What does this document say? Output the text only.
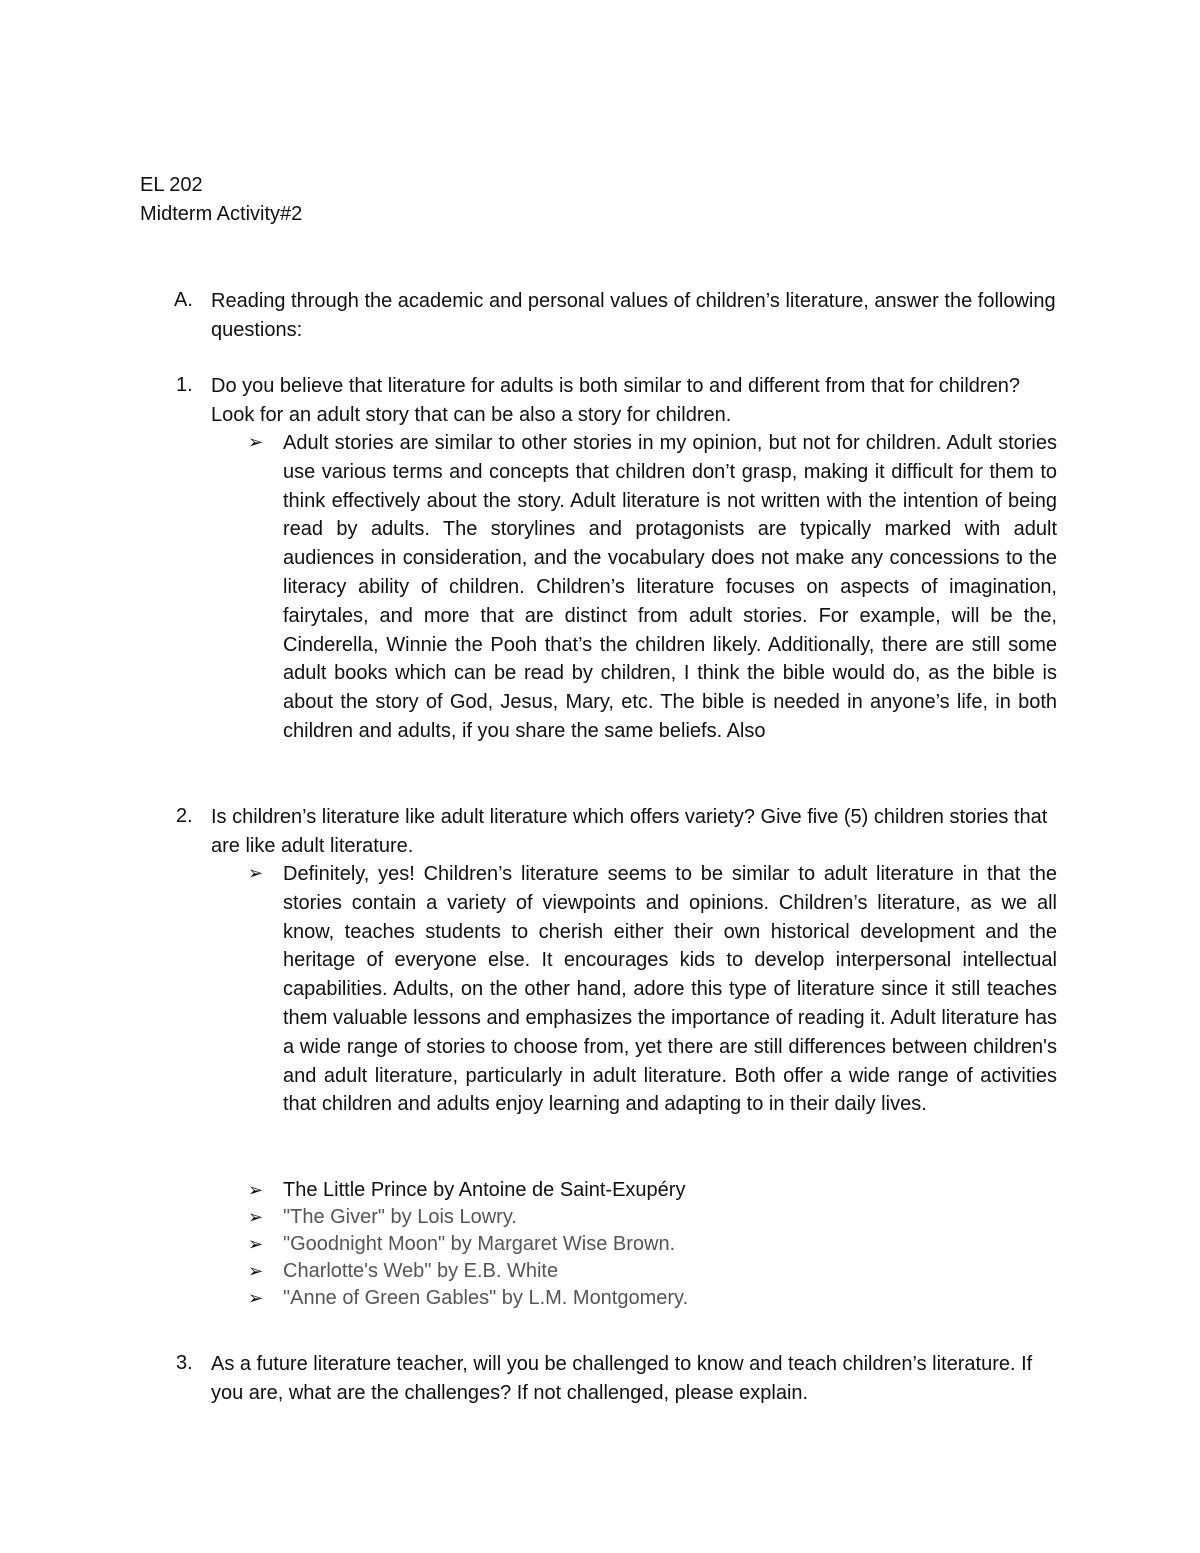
EL 202
Midterm Activity#2
A. Reading through the academic and personal values of children’s literature, answer the following questions:
1. Do you believe that literature for adults is both similar to and different from that for children? Look for an adult story that can be also a story for children.
➢ Adult stories are similar to other stories in my opinion, but not for children. Adult stories use various terms and concepts that children don’t grasp, making it difficult for them to think effectively about the story. Adult literature is not written with the intention of being read by adults. The storylines and protagonists are typically marked with adult audiences in consideration, and the vocabulary does not make any concessions to the literacy ability of children. Children’s literature focuses on aspects of imagination, fairytales, and more that are distinct from adult stories. For example, will be the, Cinderella, Winnie the Pooh that’s the children likely. Additionally, there are still some adult books which can be read by children, I think the bible would do, as the bible is about the story of God, Jesus, Mary, etc. The bible is needed in anyone’s life, in both children and adults, if you share the same beliefs. Also
2. Is children’s literature like adult literature which offers variety? Give five (5) children stories that are like adult literature.
➢ Definitely, yes! Children’s literature seems to be similar to adult literature in that the stories contain a variety of viewpoints and opinions. Children’s literature, as we all know, teaches students to cherish either their own historical development and the heritage of everyone else. It encourages kids to develop interpersonal intellectual capabilities. Adults, on the other hand, adore this type of literature since it still teaches them valuable lessons and emphasizes the importance of reading it. Adult literature has a wide range of stories to choose from, yet there are still differences between children's and adult literature, particularly in adult literature. Both offer a wide range of activities that children and adults enjoy learning and adapting to in their daily lives.
➢ The Little Prince by Antoine de Saint-Exupéry
➢ "The Giver" by Lois Lowry.
➢ "Goodnight Moon" by Margaret Wise Brown.
➢ Charlotte's Web" by E.B. White
➢ "Anne of Green Gables" by L.M. Montgomery.
3. As a future literature teacher, will you be challenged to know and teach children’s literature. If you are, what are the challenges? If not challenged, please explain.
